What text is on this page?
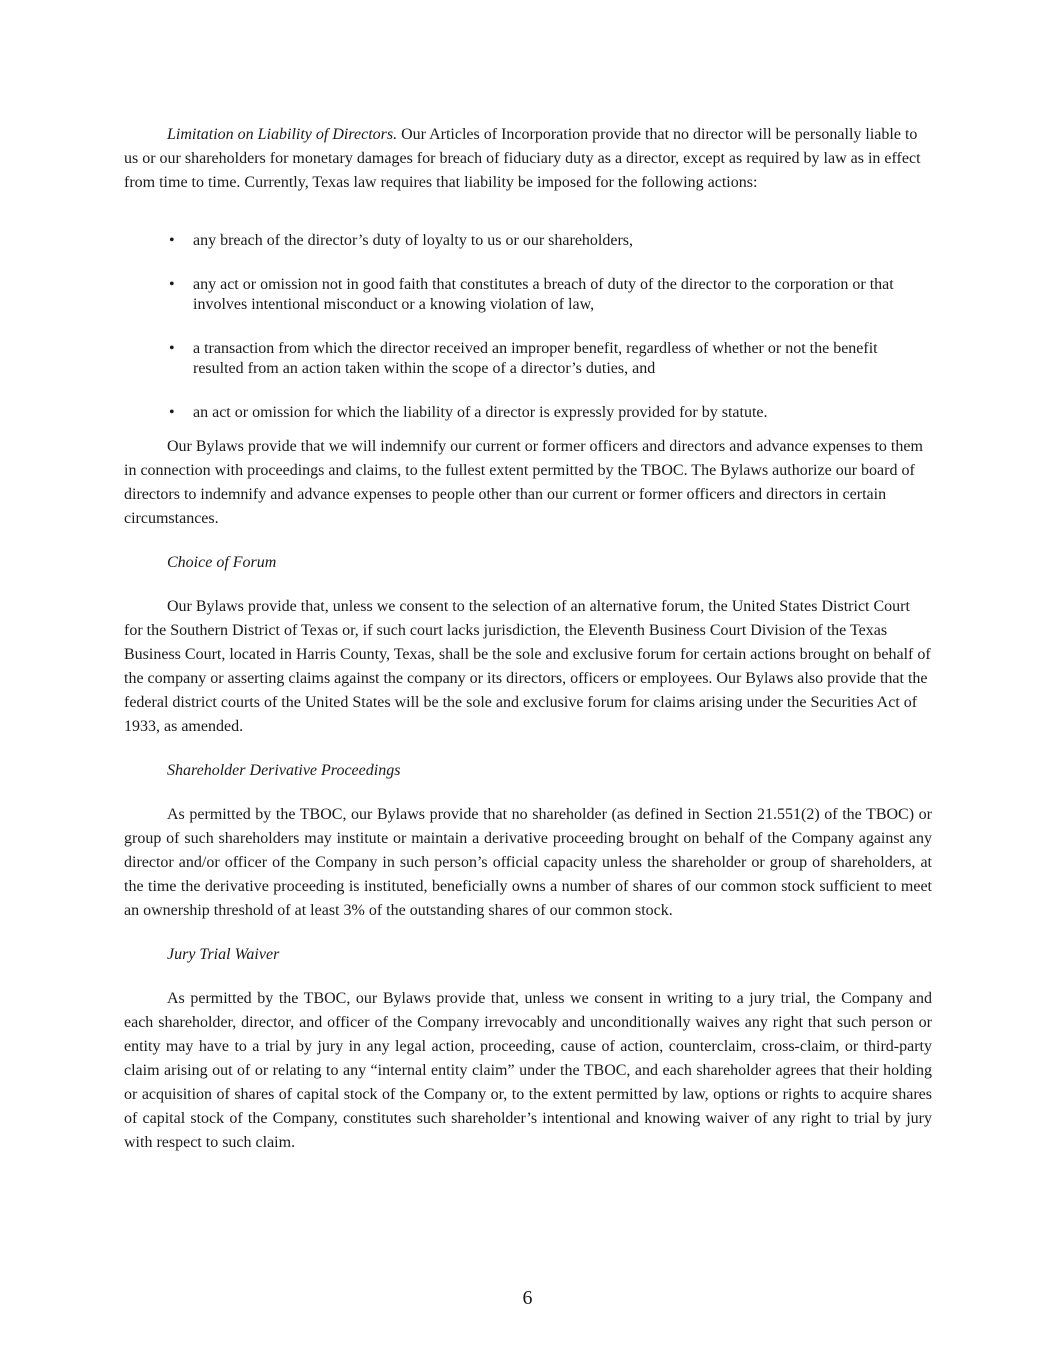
Limitation on Liability of Directors. Our Articles of Incorporation provide that no director will be personally liable to us or our shareholders for monetary damages for breach of fiduciary duty as a director, except as required by law as in effect from time to time. Currently, Texas law requires that liability be imposed for the following actions:

• any breach of the director’s duty of loyalty to us or our shareholders,
• any act or omission not in good faith that constitutes a breach of duty of the director to the corporation or that involves intentional misconduct or a knowing violation of law,
• a transaction from which the director received an improper benefit, regardless of whether or not the benefit resulted from an action taken within the scope of a director’s duties, and
• an act or omission for which the liability of a director is expressly provided for by statute.

Our Bylaws provide that we will indemnify our current or former officers and directors and advance expenses to them in connection with proceedings and claims, to the fullest extent permitted by the TBOC. The Bylaws authorize our board of directors to indemnify and advance expenses to people other than our current or former officers and directors in certain circumstances.

Choice of Forum

Our Bylaws provide that, unless we consent to the selection of an alternative forum, the United States District Court for the Southern District of Texas or, if such court lacks jurisdiction, the Eleventh Business Court Division of the Texas Business Court, located in Harris County, Texas, shall be the sole and exclusive forum for certain actions brought on behalf of the company or asserting claims against the company or its directors, officers or employees. Our Bylaws also provide that the federal district courts of the United States will be the sole and exclusive forum for claims arising under the Securities Act of 1933, as amended.

Shareholder Derivative Proceedings

As permitted by the TBOC, our Bylaws provide that no shareholder (as defined in Section 21.551(2) of the TBOC) or group of such shareholders may institute or maintain a derivative proceeding brought on behalf of the Company against any director and/or officer of the Company in such person’s official capacity unless the shareholder or group of shareholders, at the time the derivative proceeding is instituted, beneficially owns a number of shares of our common stock sufficient to meet an ownership threshold of at least 3% of the outstanding shares of our common stock.

Jury Trial Waiver

As permitted by the TBOC, our Bylaws provide that, unless we consent in writing to a jury trial, the Company and each shareholder, director, and officer of the Company irrevocably and unconditionally waives any right that such person or entity may have to a trial by jury in any legal action, proceeding, cause of action, counterclaim, cross-claim, or third-party claim arising out of or relating to any “internal entity claim” under the TBOC, and each shareholder agrees that their holding or acquisition of shares of capital stock of the Company or, to the extent permitted by law, options or rights to acquire shares of capital stock of the Company, constitutes such shareholder’s intentional and knowing waiver of any right to trial by jury with respect to such claim.

6
